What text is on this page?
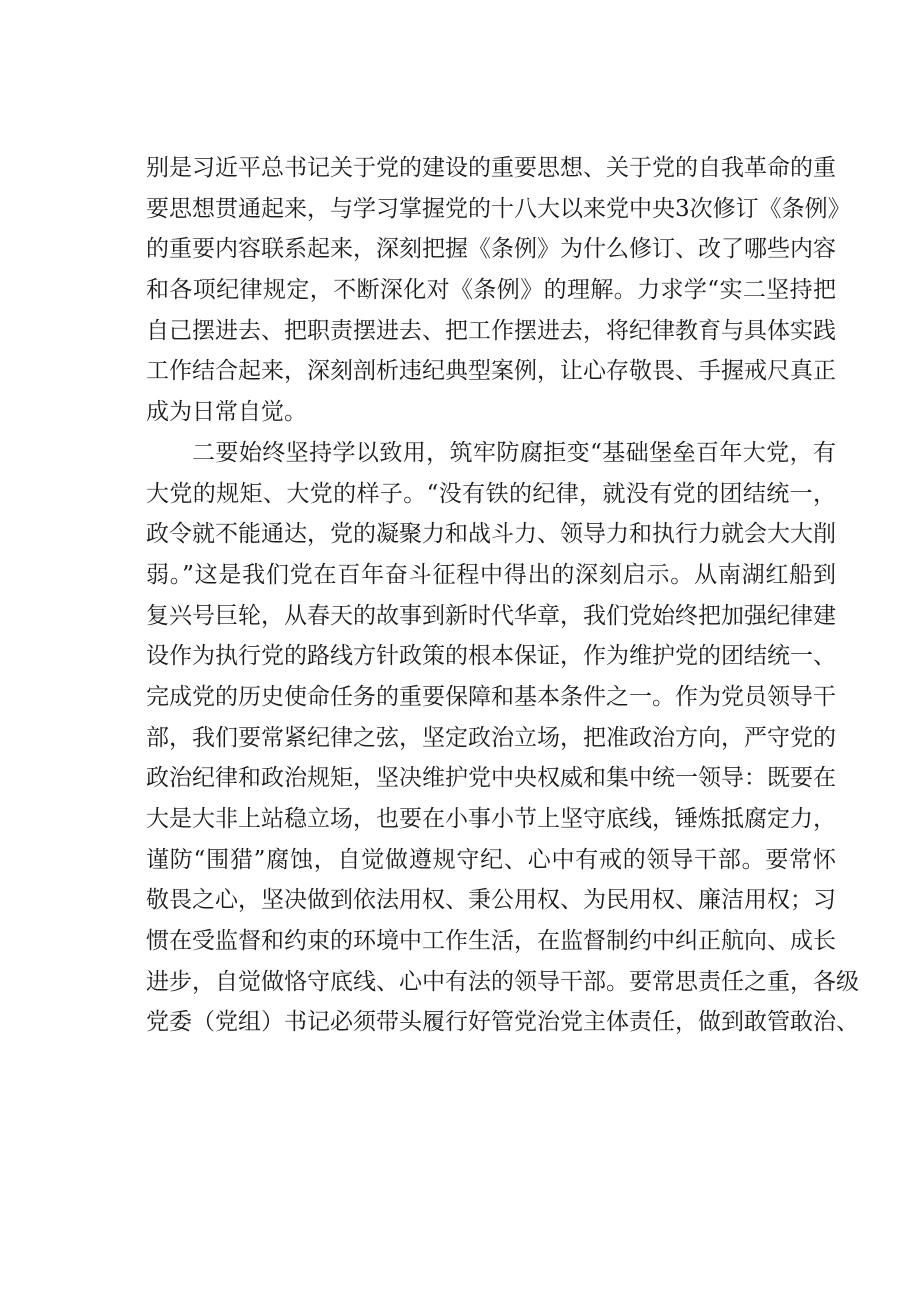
别是习近平总书记关于党的建设的重要思想、关于党的自我革命的重
要思想贯通起来，与学习掌握党的十八大以来党中央3次修订《条例》
的重要内容联系起来，深刻把握《条例》为什么修订、改了哪些内容
和各项纪律规定，不断深化对《条例》的理解。力求学“实二坚持把
自己摆进去、把职责摆进去、把工作摆进去，将纪律教育与具体实践
工作结合起来，深刻剖析违纪典型案例，让心存敬畏、手握戒尺真正
成为日常自觉。
二要始终坚持学以致用，筑牢防腐拒变“基础堡垒百年大党，有
大党的规矩、大党的样子。“没有铁的纪律，就没有党的团结统一，
政令就不能通达，党的凝聚力和战斗力、领导力和执行力就会大大削
弱。”这是我们党在百年奋斗征程中得出的深刻启示。从南湖红船到
复兴号巨轮，从春天的故事到新时代华章，我们党始终把加强纪律建
设作为执行党的路线方针政策的根本保证，作为维护党的团结统一、
完成党的历史使命任务的重要保障和基本条件之一。作为党员领导干
部，我们要常紧纪律之弦，坚定政治立场，把准政治方向，严守党的
政治纪律和政治规矩，坚决维护党中央权威和集中统一领导：既要在
大是大非上站稳立场，也要在小事小节上坚守底线，锤炼抵腐定力，
谨防“围猎”腐蚀，自觉做遵规守纪、心中有戒的领导干部。要常怀
敬畏之心，坚决做到依法用权、秉公用权、为民用权、廉洁用权；习
惯在受监督和约束的环境中工作生活，在监督制约中纠正航向、成长
进步，自觉做恪守底线、心中有法的领导干部。要常思责任之重，各级
党委（党组）书记必须带头履行好管党治党主体责任，做到敢管敢治、
